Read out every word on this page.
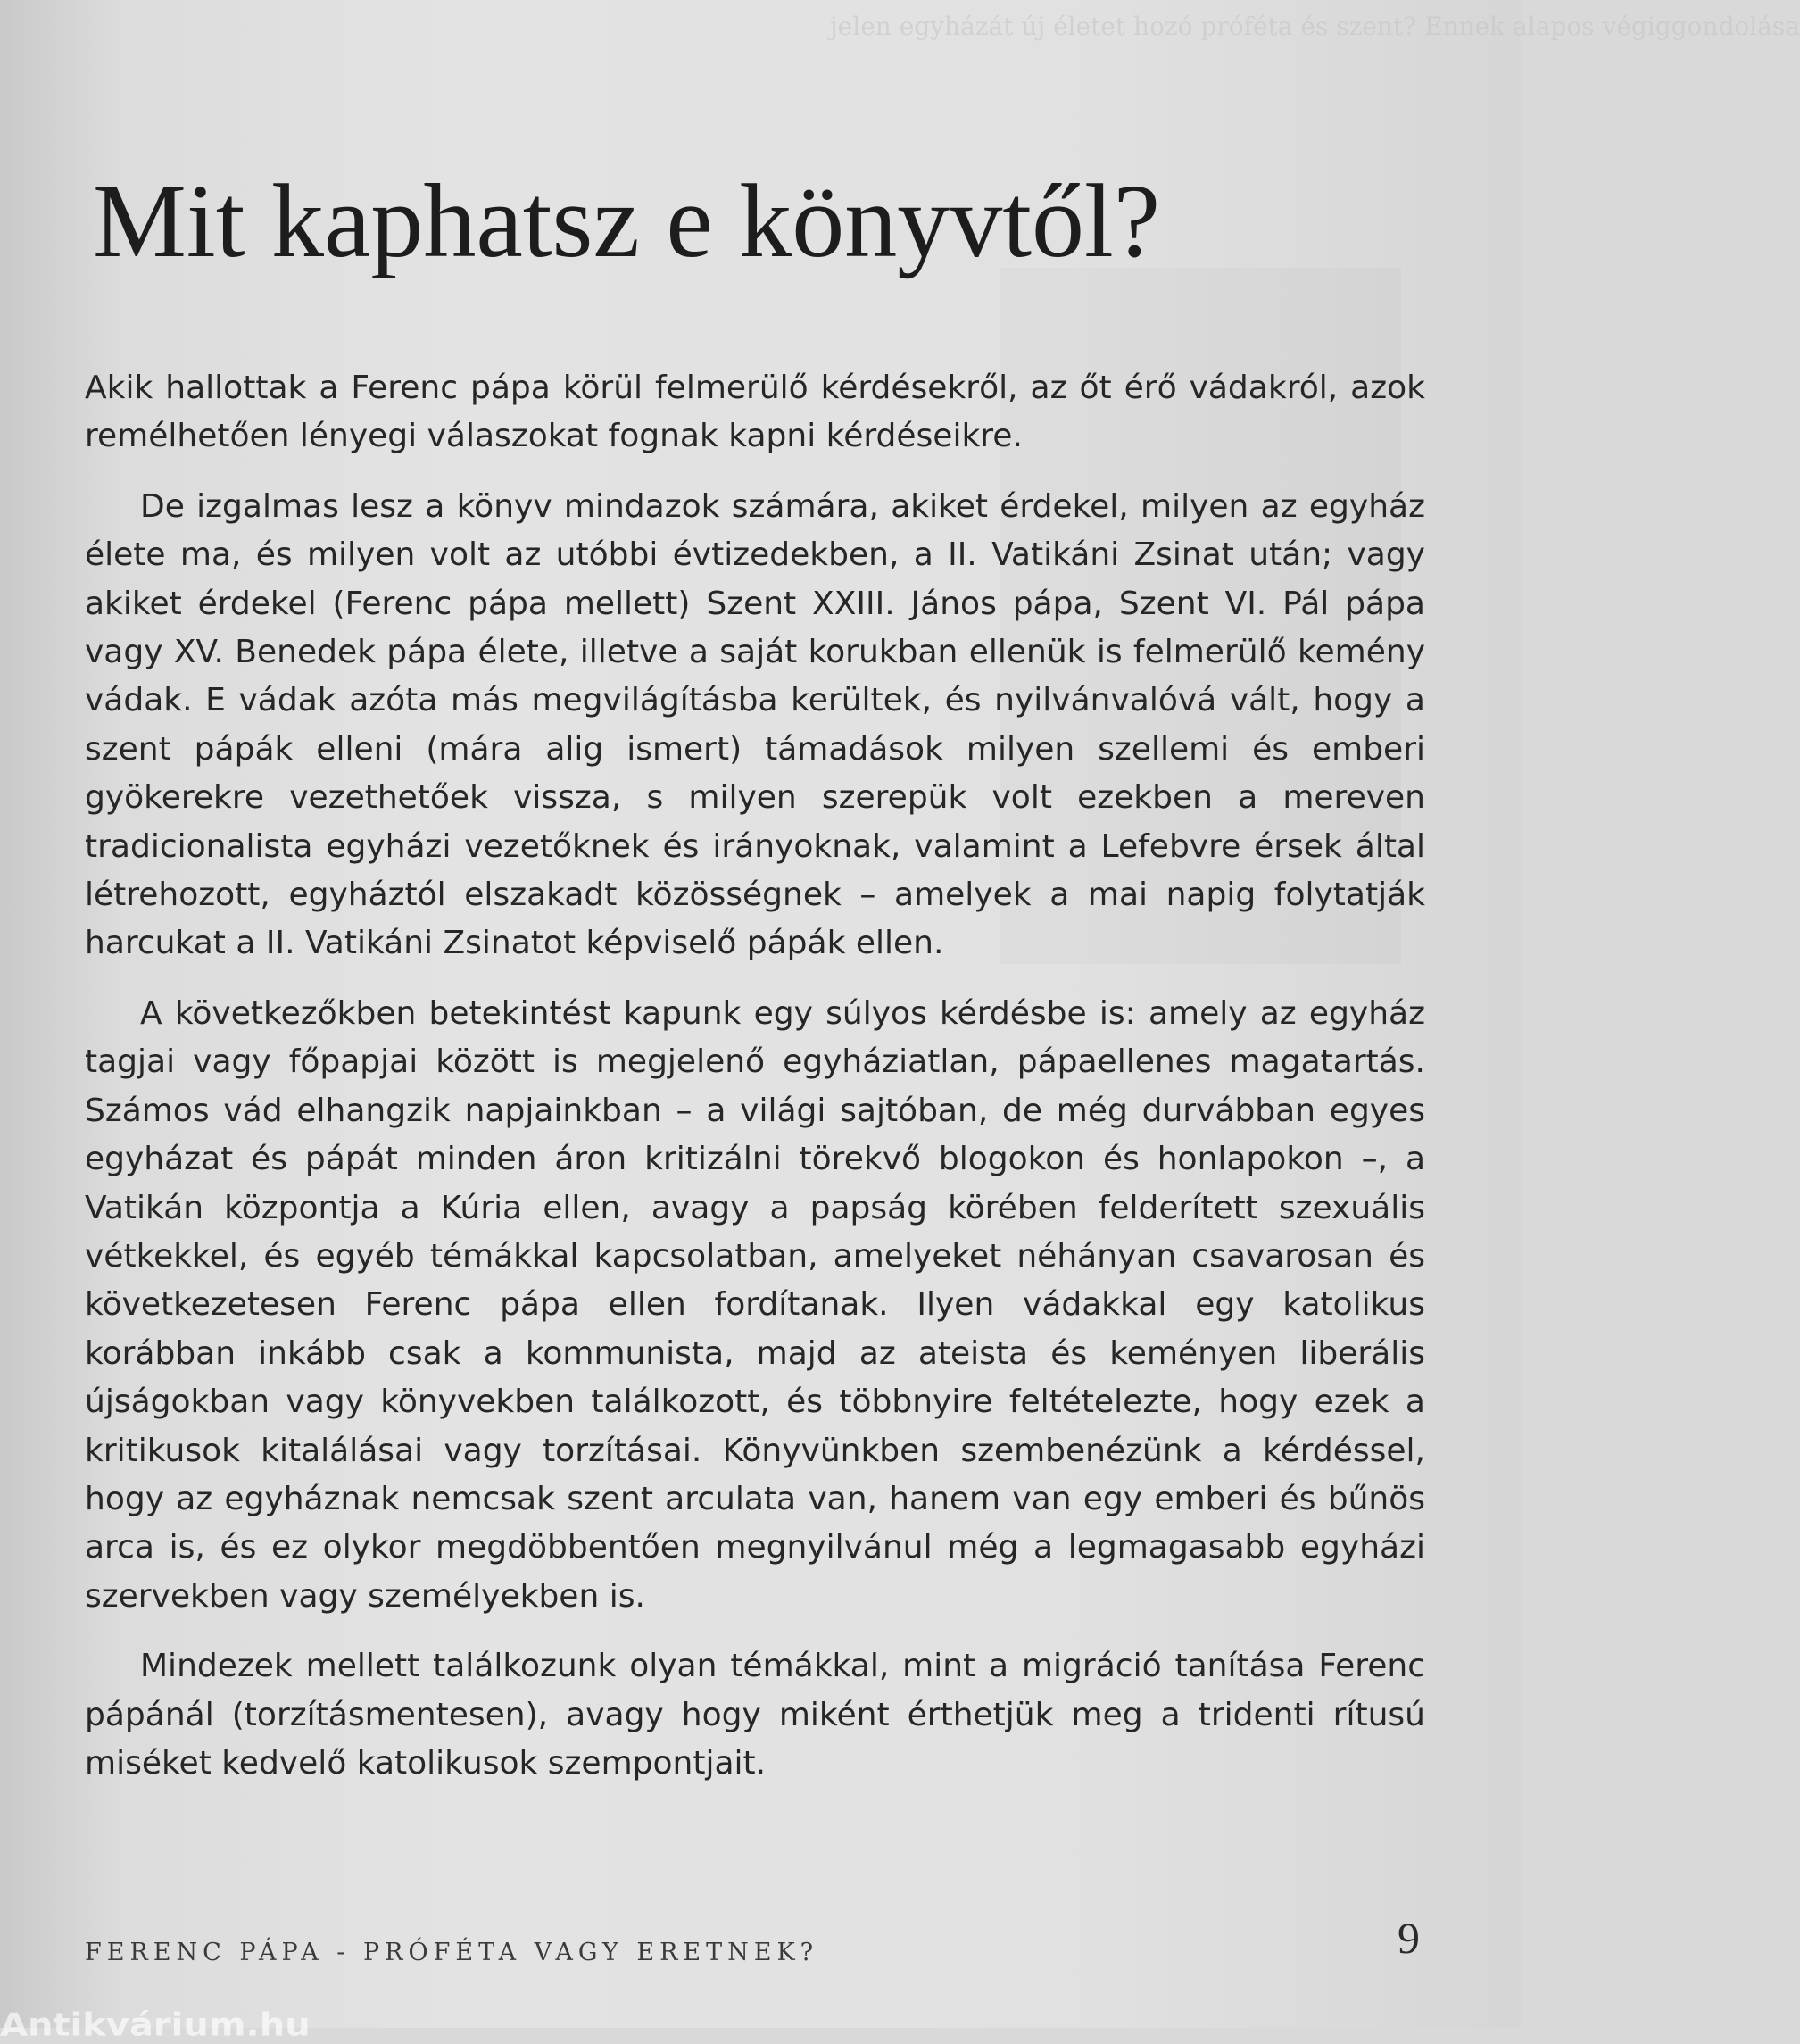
jelen egyházát új életet hozó próféta és szent? Ennek alapos végiggondolása
Mit kaphatsz e könyvtől?

Akik hallottak a Ferenc pápa körül felmerülő kérdésekről, az őt érő vádakról, azok remélhetően lényegi válaszokat fognak kapni kérdéseikre.

De izgalmas lesz a könyv mindazok számára, akiket érdekel, milyen az egyház élete ma, és milyen volt az utóbbi évtizedekben, a II. Vatikáni Zsinat után; vagy akiket érdekel (Ferenc pápa mellett) Szent XXIII. János pápa, Szent VI. Pál pápa vagy XV. Benedek pápa élete, illetve a saját korukban ellenük is felmerülő kemény vádak. E vádak azóta más megvilágításba kerültek, és nyilvánvalóvá vált, hogy a szent pápák elleni (mára alig ismert) támadások milyen szellemi és emberi gyökerekre vezethetőek vissza, s milyen szerepük volt ezekben a mereven tradicionalista egyházi vezetőknek és irányoknak, valamint a Lefebvre érsek által létrehozott, egyháztól elszakadt közösségnek – amelyek a mai napig folytatják harcukat a II. Vatikáni Zsinatot képviselő pápák ellen.

A következőkben betekintést kapunk egy súlyos kérdésbe is: amely az egyház tagjai vagy főpapjai között is megjelenő egyháziatlan, pápaellenes magatartás. Számos vád elhangzik napjainkban – a világi sajtóban, de még durvábban egyes egyházat és pápát minden áron kritizálni törekvő blogokon és honlapokon –, a Vatikán központja a Kúria ellen, avagy a papság körében felderített szexuális vétkekkel, és egyéb témákkal kapcsolatban, amelyeket néhányan csavarosan és következetesen Ferenc pápa ellen fordítanak. Ilyen vádakkal egy katolikus korábban inkább csak a kommunista, majd az ateista és keményen liberális újságokban vagy könyvekben találkozott, és többnyire feltételezte, hogy ezek a kritikusok kitalálásai vagy torzításai. Könyvünkben szembenézünk a kérdéssel, hogy az egyháznak nemcsak szent arculata van, hanem van egy emberi és bűnös arca is, és ez olykor megdöbbentően megnyilvánul még a legmagasabb egyházi szervekben vagy személyekben is.

Mindezek mellett találkozunk olyan témákkal, mint a migráció tanítása Ferenc pápánál (torzításmentesen), avagy hogy miként érthetjük meg a tridenti rítusú miséket kedvelő katolikusok szempontjait.

FERENC PÁPA - PRÓFÉTA VAGY ERETNEK?	9
Antikvárium.hu
